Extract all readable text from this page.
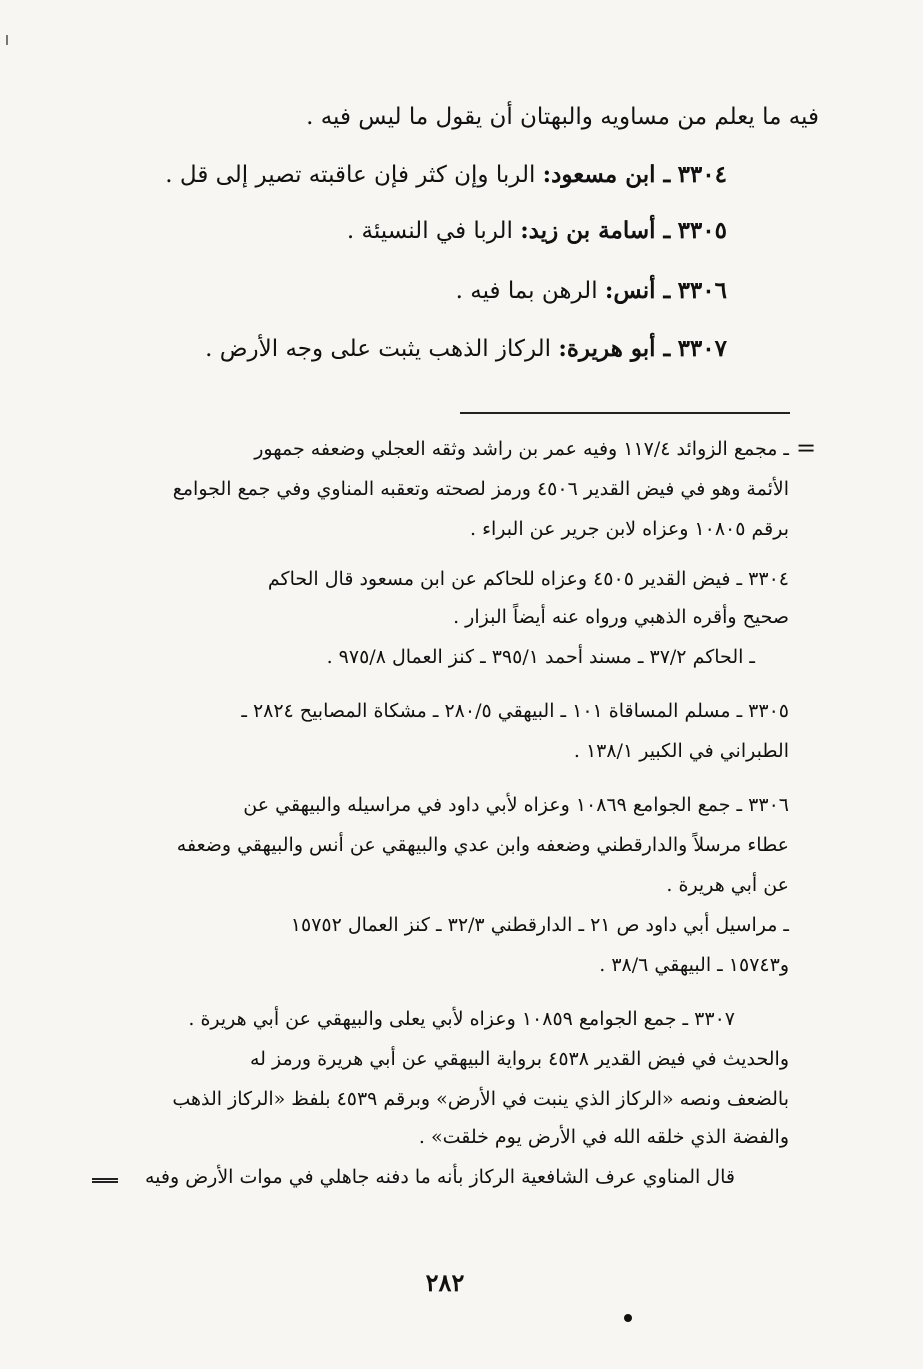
فيه ما يعلم من مساويه والبهتان أن يقول ما ليس فيه .
٣٣٠٤ ـ ابن مسعود: الربا وإن كثر فإن عاقبته تصير إلى قل .
٣٣٠٥ ـ أسامة بن زيد: الربا في النسيئة .
٣٣٠٦ ـ أنس: الرهن بما فيه .
٣٣٠٧ ـ أبو هريرة: الركاز الذهب يثبت على وجه الأرض .
=
ـ مجمع الزوائد ١١٧/٤ وفيه عمر بن راشد وثقه العجلي وضعفه جمهور
الأئمة وهو في فيض القدير ٤٥٠٦ ورمز لصحته وتعقبه المناوي وفي جمع الجوامع
برقم ١٠٨٠٥ وعزاه لابن جرير عن البراء .
٣٣٠٤ ـ فيض القدير ٤٥٠٥ وعزاه للحاكم عن ابن مسعود قال الحاكم
صحيح وأقره الذهبي ورواه عنه أيضاً البزار .
ـ الحاكم ٣٧/٢ ـ مسند أحمد ٣٩٥/١ ـ كنز العمال ٩٧٥/٨ .
٣٣٠٥ ـ مسلم المساقاة ١٠١ ـ البيهقي ٢٨٠/٥ ـ مشكاة المصابيح ٢٨٢٤ ـ
الطبراني في الكبير ١٣٨/١ .
٣٣٠٦ ـ جمع الجوامع ١٠٨٦٩ وعزاه لأبي داود في مراسيله والبيهقي عن
عطاء مرسلاً والدارقطني وضعفه وابن عدي والبيهقي عن أنس والبيهقي وضعفه
عن أبي هريرة .
ـ مراسيل أبي داود ص ٢١ ـ الدارقطني ٣٢/٣ ـ كنز العمال ١٥٧٥٢
و١٥٧٤٣ ـ البيهقي ٣٨/٦ .
٣٣٠٧ ـ جمع الجوامع ١٠٨٥٩ وعزاه لأبي يعلى والبيهقي عن أبي هريرة .
والحديث في فيض القدير ٤٥٣٨ برواية البيهقي عن أبي هريرة ورمز له
بالضعف ونصه «الركاز الذي ينبت في الأرض» وبرقم ٤٥٣٩ بلفظ «الركاز الذهب
والفضة الذي خلقه الله في الأرض يوم خلقت» .
قال المناوي عرف الشافعية الركاز بأنه ما دفنه جاهلي في موات الأرض وفيه
٢٨٢
